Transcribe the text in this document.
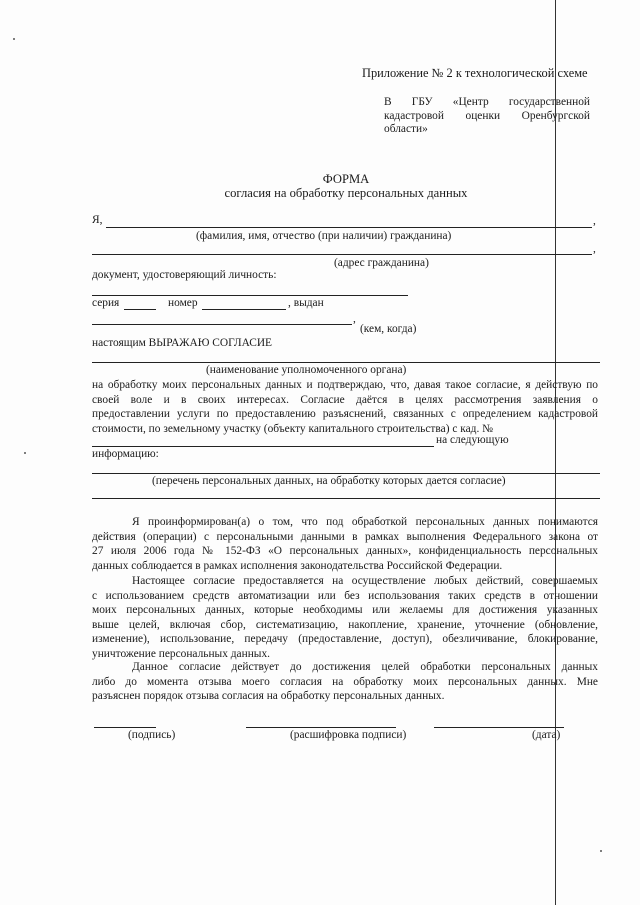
Приложение № 2 к технологической схеме
В ГБУ «Центр государственной
кадастровой оценки Оренбургской
области»
ФОРМА
согласия на обработку персональных данных
Я,	,
(фамилия, имя, отчество (при наличии) гражданина)
,
(адрес гражданина)
документ, удостоверяющий личность:
серия	номер	, выдан
,
(кем, когда)
настоящим ВЫРАЖАЮ СОГЛАСИЕ
(наименование уполномоченного органа)
на обработку моих персональных данных и подтверждаю, что, давая такое согласие, я действую по
своей воле и в своих интересах. Согласие даётся в целях рассмотрения заявления о
предоставлении услуги по предоставлению разъяснений, связанных с определением кадастровой
стоимости, по земельному участку (объекту капитального строительства) с кад. №
на следующую
информацию:
(перечень персональных данных, на обработку которых дается согласие)
Я проинформирован(а) о том, что под обработкой персональных данных понимаются
действия (операции) с персональными данными в рамках выполнения Федерального закона от
27 июля 2006 года № 152-ФЗ «О персональных данных», конфиденциальность персональных
данных соблюдается в рамках исполнения законодательства Российской Федерации.
Настоящее согласие предоставляется на осуществление любых действий, совершаемых
с использованием средств автоматизации или без использования таких средств в отношении
моих персональных данных, которые необходимы или желаемы для достижения указанных
выше целей, включая сбор, систематизацию, накопление, хранение, уточнение (обновление,
изменение), использование, передачу (предоставление, доступ), обезличивание, блокирование,
уничтожение персональных данных.
Данное согласие действует до достижения целей обработки персональных данных
либо до момента отзыва моего согласия на обработку моих персональных данных. Мне
разъяснен порядок отзыва согласия на обработку персональных данных.
(подпись)	(расшифровка подписи)	(дата)
